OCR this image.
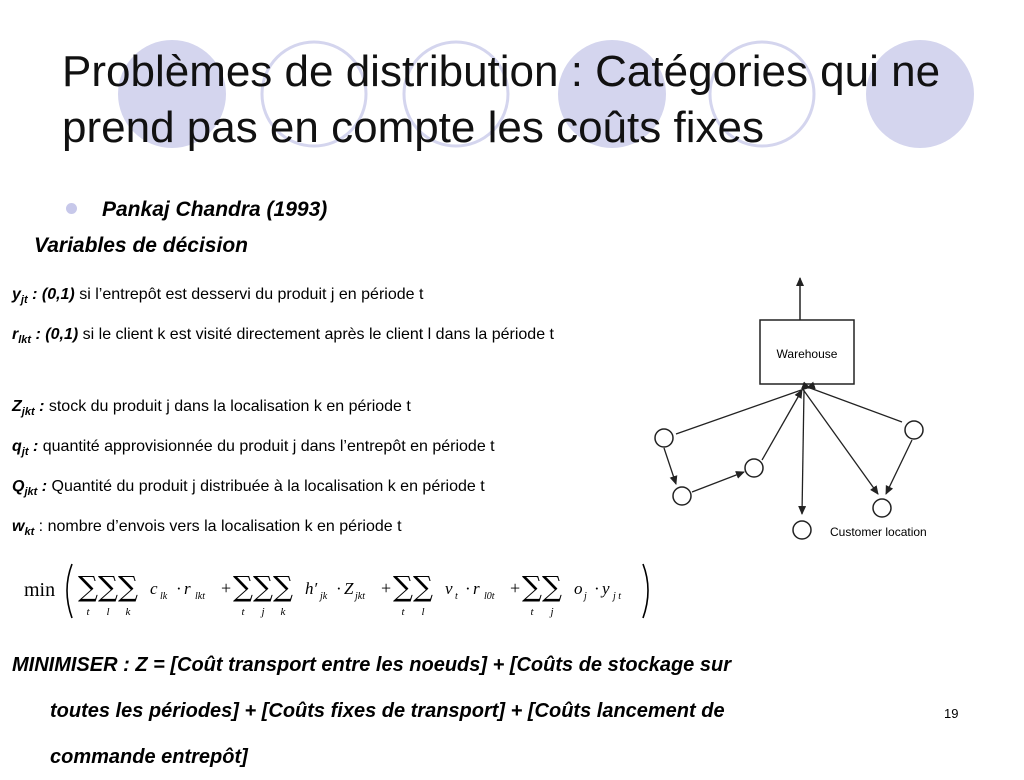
Problèmes de distribution : Catégories qui ne prend pas en compte les coûts fixes
Pankaj Chandra (1993)
Variables de décision
$y_{jt}$ : (0,1) si l’entrepôt est desservi du produit j en période t
$r_{lkt}$ : (0,1) si le client k est visité directement après le client l dans la période t
$Z_{jkt}$ : stock du produit j dans la localisation k en période t
$q_{jt}$ : quantité approvisionnée du produit j dans l’entrepôt en période t
$Q_{jkt}$ : Quantité du produit j distribuée à la localisation k en période t
$w_{kt}$ : nombre d’envois vers la localisation k en période t
min ∑
t
∑
l
∑
k
c lk · r lkt + ∑
t
∑
j
∑
k
h′ jk · Z jkt + ∑
t
∑
l
v t · r l0t + ∑
t
∑
j
o j · y j t
MINIMISER : Z = [Coût transport entre les noeuds] + [Coûts de stockage sur
toutes les périodes] + [Coûts fixes de transport] + [Coûts lancement de
commande entrepôt]
19
Warehouse
Customer location
